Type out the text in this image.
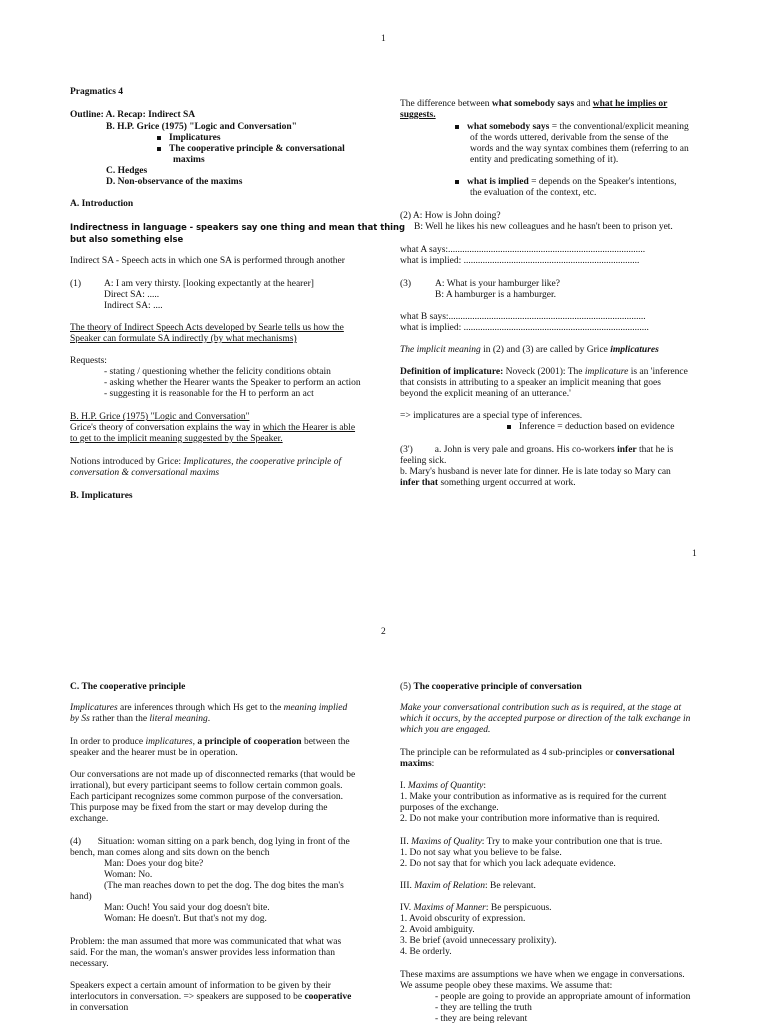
1
Pragmatics 4
Outline: A. Recap: Indirect SA
B. H.P. Grice (1975) "Logic and Conversation"
Implicatures
The cooperative principle & conversational
maxims
C. Hedges
D. Non-observance of the maxims
A. Introduction
Indirectness in language - speakers say one thing and mean that thing
but also something else
Indirect SA - Speech acts in which one SA is performed through another
(1) A: I am very thirsty. [looking expectantly at the hearer]
Direct SA: .....
Indirect SA: ....
The theory of Indirect Speech Acts developed by Searle tells us how the
Speaker can formulate SA indirectly (by what mechanisms)
Requests:
- stating / questioning whether the felicity conditions obtain
- asking whether the Hearer wants the Speaker to perform an action
- suggesting it is reasonable for the H to perform an act
B. H.P. Grice (1975) "Logic and Conversation"
Grice's theory of conversation explains the way in which the Hearer is able
to get to the implicit meaning suggested by the Speaker.
Notions introduced by Grice: Implicatures, the cooperative principle of
conversation & conversational maxims
B. Implicatures
The difference between what somebody says and what he implies or
suggests.
what somebody says = the conventional/explicit meaning
of the words uttered, derivable from the sense of the
words and the way syntax combines them (referring to an
entity and predicating something of it).
what is implied = depends on the Speaker's intentions,
the evaluation of the context, etc.
(2) A: How is John doing?
B: Well he likes his new colleagues and he hasn't been to prison yet.
what A says:...................................................................................
what is implied: ..........................................................................
(3)	A: What is your hamburger like?
B: A hamburger is a hamburger.
what B says:...................................................................................
what is implied: ..............................................................................
The implicit meaning in (2) and (3) are called by Grice implicatures
Definition of implicature: Noveck (2001): The implicature is an 'inference
that consists in attributing to a speaker an implicit meaning that goes
beyond the explicit meaning of an utterance.'
=> implicatures are a special type of inferences.
Inference = deduction based on evidence
(3') a. John is very pale and groans. His co-workers infer that he is
feeling sick.
b. Mary's husband is never late for dinner. He is late today so Mary can
infer that something urgent occurred at work.
1
2
C. The cooperative principle
Implicatures are inferences through which Hs get to the meaning implied
by Ss rather than the literal meaning.
In order to produce implicatures, a principle of cooperation between the
speaker and the hearer must be in operation.
Our conversations are not made up of disconnected remarks (that would be
irrational), but every participant seems to follow certain common goals.
Each participant recognizes some common purpose of the conversation.
This purpose may be fixed from the start or may develop during the
exchange.
(4)       Situation: woman sitting on a park bench, dog lying in front of the
bench, man comes along and sits down on the bench
Man: Does your dog bite?
Woman: No.
(The man reaches down to pet the dog. The dog bites the man's
hand)
Man: Ouch! You said your dog doesn't bite.
Woman: He doesn't. But that's not my dog.
Problem: the man assumed that more was communicated that what was
said. For the man, the woman's answer provides less information than
necessary.
Speakers expect a certain amount of information to be given by their
interlocutors in conversation. => speakers are supposed to be cooperative
in conversation
(5) The cooperative principle of conversation
Make your conversational contribution such as is required, at the stage at
which it occurs, by the accepted purpose or direction of the talk exchange in
which you are engaged.
The principle can be reformulated as 4 sub-principles or conversational
maxims:
I. Maxims of Quantity:
1. Make your contribution as informative as is required for the current
purposes of the exchange.
2. Do not make your contribution more informative than is required.
II. Maxims of Quality: Try to make your contribution one that is true.
1. Do not say what you believe to be false.
2. Do not say that for which you lack adequate evidence.
III. Maxim of Relation: Be relevant.
IV. Maxims of Manner: Be perspicuous.
1. Avoid obscurity of expression.
2. Avoid ambiguity.
3. Be brief (avoid unnecessary prolixity).
4. Be orderly.
These maxims are assumptions we have when we engage in conversations.
We assume people obey these maxims. We assume that:
- people are going to provide an appropriate amount of information
- they are telling the truth
- they are being relevant
